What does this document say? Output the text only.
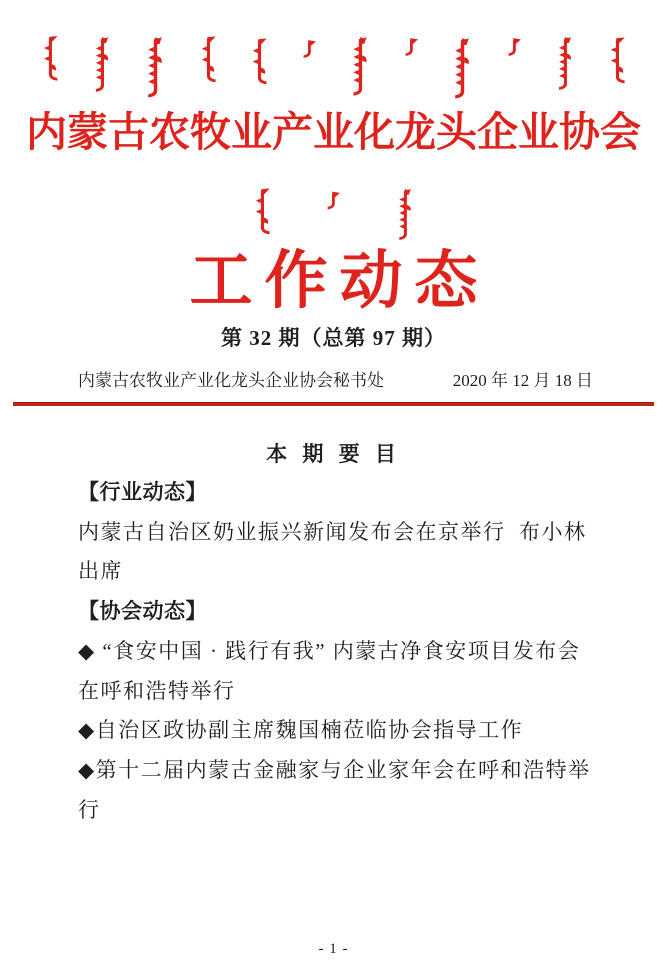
内蒙古农牧业产业化龙头企业协会
工作动态
第 32 期（总第 97 期）
内蒙古农牧业产业化龙头企业协会秘书处	2020 年 12 月 18 日
本 期 要 目
【行业动态】
内蒙古自治区奶业振兴新闻发布会在京举行  布小林出席
【协会动态】
◆ “食安中国 · 践行有我” 内蒙古净食安项目发布会在呼和浩特举行
◆自治区政协副主席魏国楠莅临协会指导工作
◆第十二届内蒙古金融家与企业家年会在呼和浩特举行
- 1 -
